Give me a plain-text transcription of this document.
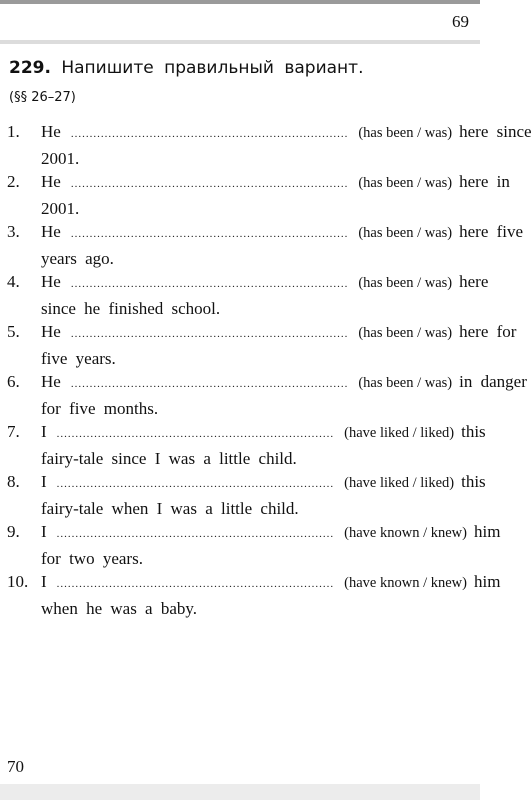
69
229. Напишите правильный вариант.
(§§ 26–27)
1. He .......................................................................... (has been / was) here since
2001.
2. He .......................................................................... (has been / was) here in
2001.
3. He .......................................................................... (has been / was) here five
years ago.
4. He .......................................................................... (has been / was) here
since he finished school.
5. He .......................................................................... (has been / was) here for
five years.
6. He .......................................................................... (has been / was) in danger
for five months.
7. I .......................................................................... (have liked / liked) this
fairy-tale since I was a little child.
8. I .......................................................................... (have liked / liked) this
fairy-tale when I was a little child.
9. I .......................................................................... (have known / knew) him
for two years.
10. I .......................................................................... (have known / knew) him
when he was a baby.
70
